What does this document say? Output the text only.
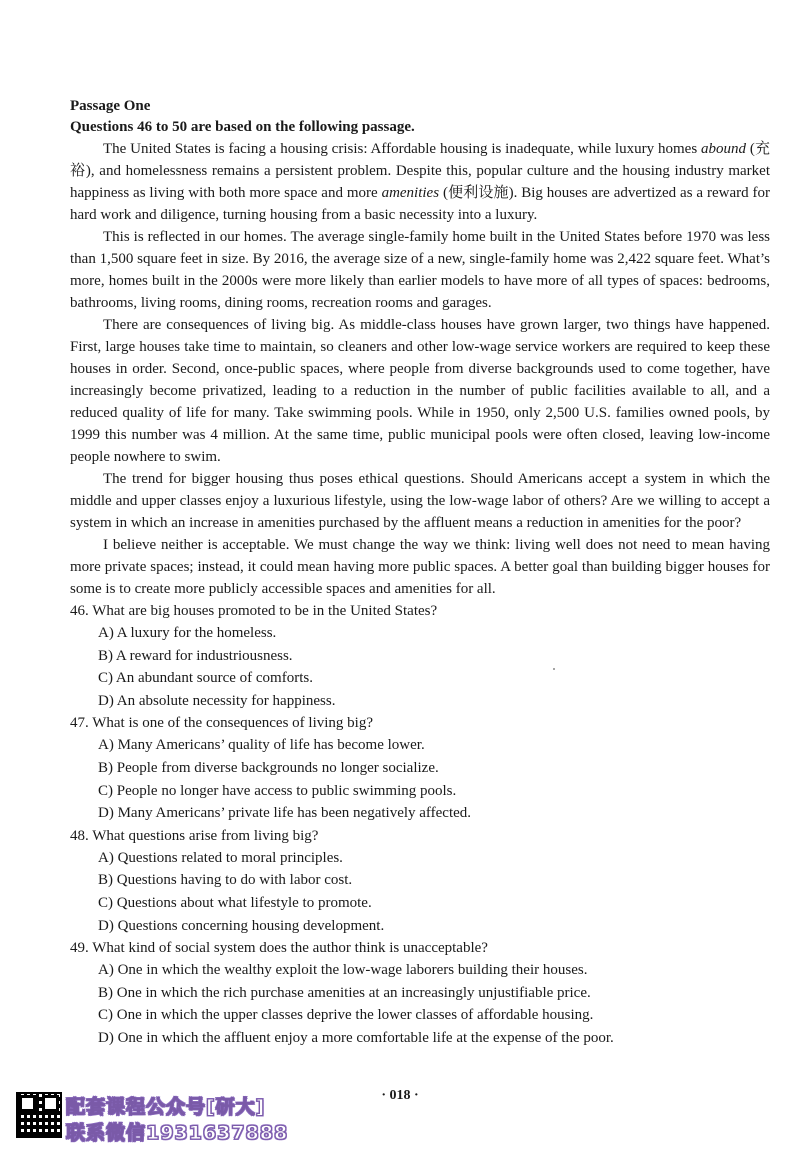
Passage One

Questions 46 to 50 are based on the following passage.

The United States is facing a housing crisis: Affordable housing is inadequate, while luxury homes abound (充裕), and homelessness remains a persistent problem. Despite this, popular culture and the housing industry market happiness as living with both more space and more amenities (便利设施). Big houses are advertized as a reward for hard work and diligence, turning housing from a basic necessity into a luxury.

This is reflected in our homes. The average single-family home built in the United States before 1970 was less than 1,500 square feet in size. By 2016, the average size of a new, single-family home was 2,422 square feet. What’s more, homes built in the 2000s were more likely than earlier models to have more of all types of spaces: bedrooms, bathrooms, living rooms, dining rooms, recreation rooms and garages.

There are consequences of living big. As middle-class houses have grown larger, two things have happened. First, large houses take time to maintain, so cleaners and other low-wage service workers are required to keep these houses in order. Second, once-public spaces, where people from diverse backgrounds used to come together, have increasingly become privatized, leading to a reduction in the number of public facilities available to all, and a reduced quality of life for many. Take swimming pools. While in 1950, only 2,500 U.S. families owned pools, by 1999 this number was 4 million. At the same time, public municipal pools were often closed, leaving low-income people nowhere to swim.

The trend for bigger housing thus poses ethical questions. Should Americans accept a system in which the middle and upper classes enjoy a luxurious lifestyle, using the low-wage labor of others? Are we willing to accept a system in which an increase in amenities purchased by the affluent means a reduction in amenities for the poor?

I believe neither is acceptable. We must change the way we think: living well does not need to mean having more private spaces; instead, it could mean having more public spaces. A better goal than building bigger houses for some is to create more publicly accessible spaces and amenities for all.

46. What are big houses promoted to be in the United States?

A) A luxury for the homeless.

B) A reward for industriousness.

C) An abundant source of comforts.

D) An absolute necessity for happiness.

47. What is one of the consequences of living big?

A) Many Americans’ quality of life has become lower.

B) People from diverse backgrounds no longer socialize.

C) People no longer have access to public swimming pools.

D) Many Americans’ private life has been negatively affected.

48. What questions arise from living big?

A) Questions related to moral principles.

B) Questions having to do with labor cost.

C) Questions about what lifestyle to promote.

D) Questions concerning housing development.

49. What kind of social system does the author think is unacceptable?

A) One in which the wealthy exploit the low-wage laborers building their houses.

B) One in which the rich purchase amenities at an increasingly unjustifiable price.

C) One in which the upper classes deprive the lower classes of affordable housing.

D) One in which the affluent enjoy a more comfortable life at the expense of the poor.

· 018 ·
配套课程公众号[研大]
联系微信1931637888
